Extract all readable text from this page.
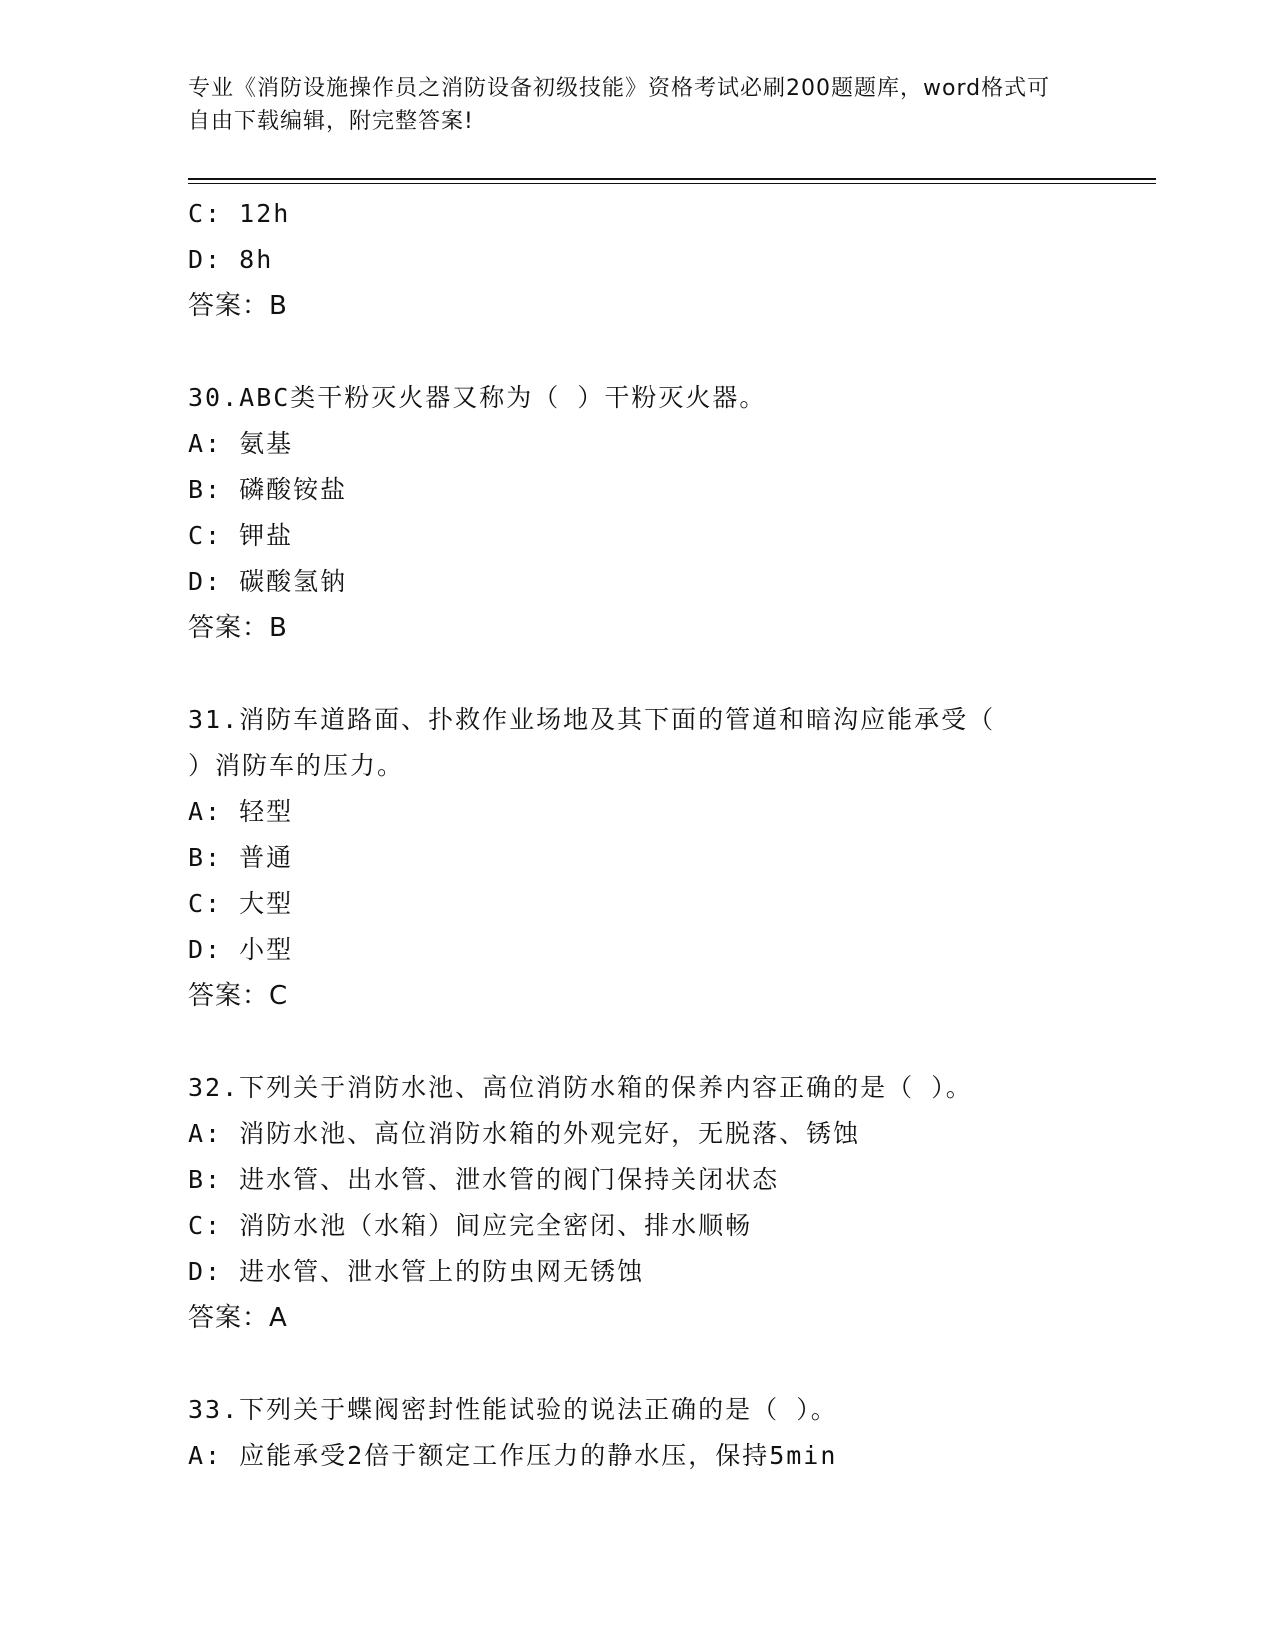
专业《消防设施操作员之消防设备初级技能》资格考试必刷200题题库，word格式可自由下载编辑，附完整答案!
C: 12h
D: 8h
答案：B
30.ABC类干粉灭火器又称为（ ）干粉灭火器。
A: 氨基
B: 磷酸铵盐
C: 钾盐
D: 碳酸氢钠
答案：B
31.消防车道路面、扑救作业场地及其下面的管道和暗沟应能承受（
）消防车的压力。
A: 轻型
B: 普通
C: 大型
D: 小型
答案：C
32.下列关于消防水池、高位消防水箱的保养内容正确的是（ ）。
A: 消防水池、高位消防水箱的外观完好，无脱落、锈蚀
B: 进水管、出水管、泄水管的阀门保持关闭状态
C: 消防水池（水箱）间应完全密闭、排水顺畅
D: 进水管、泄水管上的防虫网无锈蚀
答案：A
33.下列关于蝶阀密封性能试验的说法正确的是（ ）。
A: 应能承受2倍于额定工作压力的静水压，保持5min
